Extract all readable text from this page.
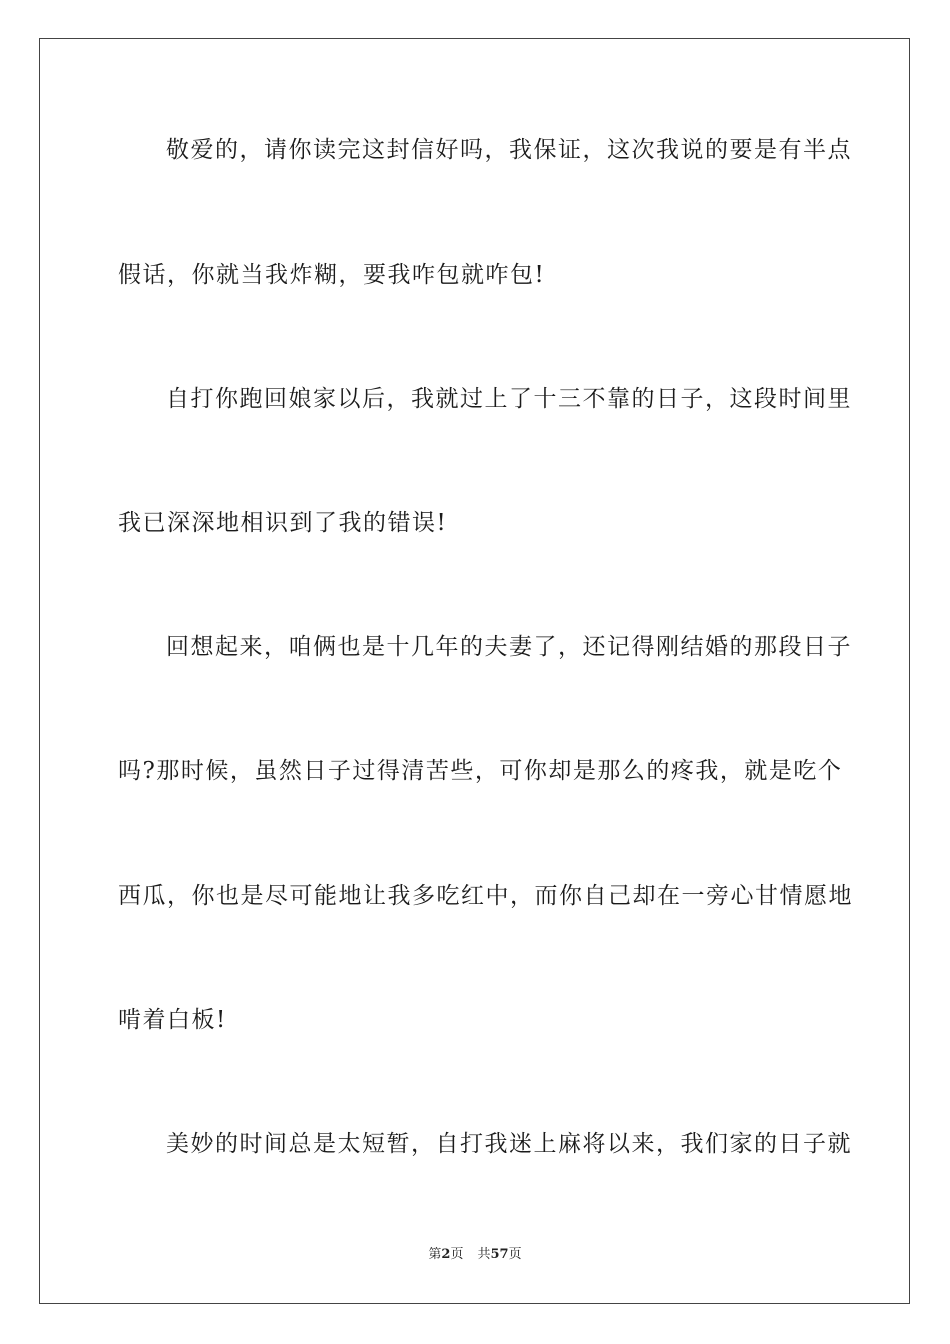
敬爱的，请你读完这封信好吗，我保证，这次我说的要是有半点
假话，你就当我炸糊，要我咋包就咋包!
自打你跑回娘家以后，我就过上了十三不靠的日子，这段时间里
我已深深地相识到了我的错误!
回想起来，咱俩也是十几年的夫妻了，还记得刚结婚的那段日子
吗?那时候，虽然日子过得清苦些，可你却是那么的疼我，就是吃个
西瓜，你也是尽可能地让我多吃红中，而你自己却在一旁心甘情愿地
啃着白板!
美妙的时间总是太短暂，自打我迷上麻将以来，我们家的日子就
第2页 共57页
